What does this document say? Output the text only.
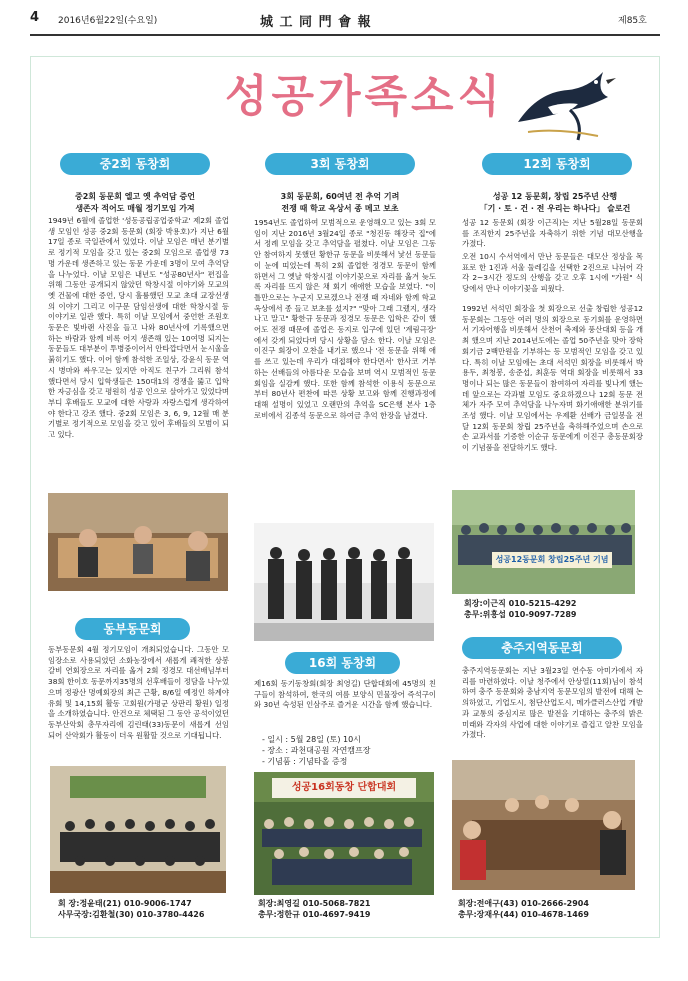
4 2016년6월22일(수요일)	城 工 同 門 會 報	제85호
성공가족소식
중2회 동창회
중2회 동문회 엘고 옛 추억담 증언
생존자 적어도 매월 정기모임 가져

1949년 6월에 졸업한 '성동공립공업중학교' 제2회 졸업생 모임인 성공 중2회 동문회 (회장 박용호)가 지난 6월 17일 종로 국일관에서 있었다. 이날 모임은 매년 분기별로 정기적 모임을 갖고 있는 중2회 모임으로 졸업생 73명 가운데 생존하고 있는 동문 가운데 3명이 모여 추억담을 나누었다. 이날 모임은 내년도 "성공80년사" 편집을 위해 그동안 공개되지 않았던 학창시절 이야기와 모교의 옛 건물에 대한 증언, 당시 훌륭했던 모교 초대 교장선생의 이야기 그리고 이구문 담임선생에 대한 학창시절 등 이야기로 일관 했다. 특히 이날 모임에서 중언한 조원호 동문은 빛바랜 사진을 들고 나와 80년사에 기록했으면 하는 바람과 함께 비록 어지 생존해 있는 10여명 되지는 동문들도 대부분이 투병중이어서 안타깝다면서 눈시울을 붉히기도 했다. 이어 함께 참석한 조일상, 강윤식 동문 역시 병마와 싸우고는 있지만 아직도 친구가 그리워 참석 했다면서 당시 입학생들은 150대1의 경쟁을 뚫고 입학한 자긍심을 갖고 평원히 성공 인으로 살아가고 있었다며 부디 후배들도 모교에 대한 사랑과 자랑스럽게 생각하여야 한다고 강조 했다. 중2회 모임은 3, 6, 9, 12월 매 분기별로 정기적으로 모임을 갖고 있어 후배들의 모범이 되고 있다.

동부동문회

동부동문회 4월 정기모임이 개최되었습니다. 그동안 모임장소로 사용되었던 소화농장에서 새롭게 쾌적한 상봉갈비 연회장으로 자리를 옮겨 2회 정경모 대선배님부터 38회 한이호 동문까지35명의 선후배들이 정담을 나누었으며 정광산 명예회장의 최근 근황, 8/6일 예정인 하계야유회 및 14,15회 활동 고회원(가평군 상판리 황원) 일정을 소개하였습니다. 안건으로 체택된 그 동안 공석이었던 동부산악회 총무자리에 김린태(33)동문이 새롭게 선임되어 산악회가 활동이 더욱 원활할 것으로 기대됩니다.

회 장:정윤태(21) 010-9006-1747
사무국장:김환철(30) 010-3780-4426
3회 동창회
3회 동문회, 60여년 전 추억 기려
전쟁 때 학교 옥상서 종 메고 보초

1954년도 졸업하여 모범적으로 운영해오고 있는 3회 모임이 지난 2016년 3월24일 종로 "청진동 해장국 집"에서 정례 모임을 갖고 추억담을 펼쳤다. 이날 모임은 그동안 참여하지 못했던 황한규 동문을 비롯해서 낯선 동문들이 눈에 띠었는데 특히 2회 졸업한 정경모 동문이 함께 하면서 그 옛날 학창시절 이야기꽃으로 자리를 옮겨 늦도록 자리를 뜨지 않은 채 회기 애애한 모습을 보였다. "이틀만으로는 누군지 모르겠으나 전쟁 때 자네와 함께 학교 옥상에서 종 들고 보초를 섰지?" "맞아 그래 그랬지, 생각나고 말고" 황한규 동문과 정경모 동문은 입학은 같이 했어도 전쟁 때문에 졸업은 동지로 입구에 있던 '계림극장' 에서 갖게 되었다며 당시 상황을 담소 한다. 이날 모임은 이진구 회장이 오찬을 내기로 했으나 '전 동문을 위해 애를 쓰고 있는데 우리가 대접해야 한다면서' 한사코 거부하는 선배들의 아름다운 모습을 보며 역시 모범적인 동문회임을 실감케 했다. 또한 함께 참석한 이용식 동문으로부터 80년사 편찬에 따른 상황 보고와 함께 진행과정에 대해 설명이 있었고 오랜만의 추억을 SC은행 본사 1층 로비에서 김종석 동문으로 하여금 추억 한장을 남겼다.

16회 동창회

제16회 동기동창회(회장 최영길) 단합대회에 45명의 친구들이 참석하여, 한국의 여름 보양식 민물장어 즉석구이와 30년 숙성된 인삼주로 즐거운 시간을 함께 했습니다.

- 일시 : 5월 28일 (토) 10시
- 장소 : 과천대공원 자연캠프장
- 기념품 : 기념타올 증정
성공16회동창 단합대회
회장:최영길 010-5068-7821
총무:정한규 010-4697-9419
12회 동창회
성공 12 동문회, 창립 25주년 산행
「기 · 토 · 건 · 전 우리는 하나다」 슬로건

성공 12 동문회 (회장 이근직)는 지난 5월28일 동문회를 조직한지 25주년을 자축하기 위한 기념 대모산행을 가졌다.

오전 10시 수서역에서 만난 동문들은 대모산 정상을 목표로 한 1진과 서울 둘레길을 선택한 2진으로 나뉘어 각각 2~3시간 정도의 산행을 갖고 오후 1시에 "가원" 식당에서 만나 이야기꽃을 피웠다.

1992년 서석민 회장을 첫 회장으로 선출 창립한 성공12 동문회는 그동안 여러 명의 회장으로 동기회를 운영하면서 기자어행을 비롯해서 산천어 축제와 풍산대회 등을 개최 했으며 지난 2014년도에는 졸업 50주년을 맞아 장학회기금 2백만원을 기부하는 등 모범적인 모임을 갖고 있다. 특히 이날 모임에는 초대 서석민 회장을 비롯해서 박용두, 최청봉, 송준섭, 최훈등 역대 회장을 비롯해서 33명이나 되는 많은 동문들이 참여하여 자리를 빛나게 했는데 앞으로는 각과별 모임도 중요하겠으나 12회 동문 전체가 자주 모여 추억담을 나누자며 화기애애한 분위기를 조성 했다. 이날 모임에서는 우제환 선배가 금일봉을 전달 12회 동문회 창립 25주년을 축하해주었으며 손으로 손 교과서를 기증한 이순규 동문에게 이진구 총동문회장이 기념품을 전달하기도 했다.

성공12동문회 창립25주년 기념
회장:이근직 010-5215-4292
총무:위흥섭 010-9097-7289
충주지역동문회

충주지역동문회는 지난 3월23일 연수동 아미가에서 자리를 마련하였다. 이날 청주에서 안상열(11회)님이 참석하여 충주 동문회와 충남지역 동문모임의 발전에 대해 논의하였고, 기업도시, 첨단산업도시, 메가클러스산업 개발과 교통의 중심지로 많은 발전을 기대하는 충주의 밝은 미래와 각자의 사업에 대한 이야기로 즐겁고 알찬 모임을 가졌다.

회장:전애구(43) 010-2666-2904
총무:장재우(44) 010-4678-1469
